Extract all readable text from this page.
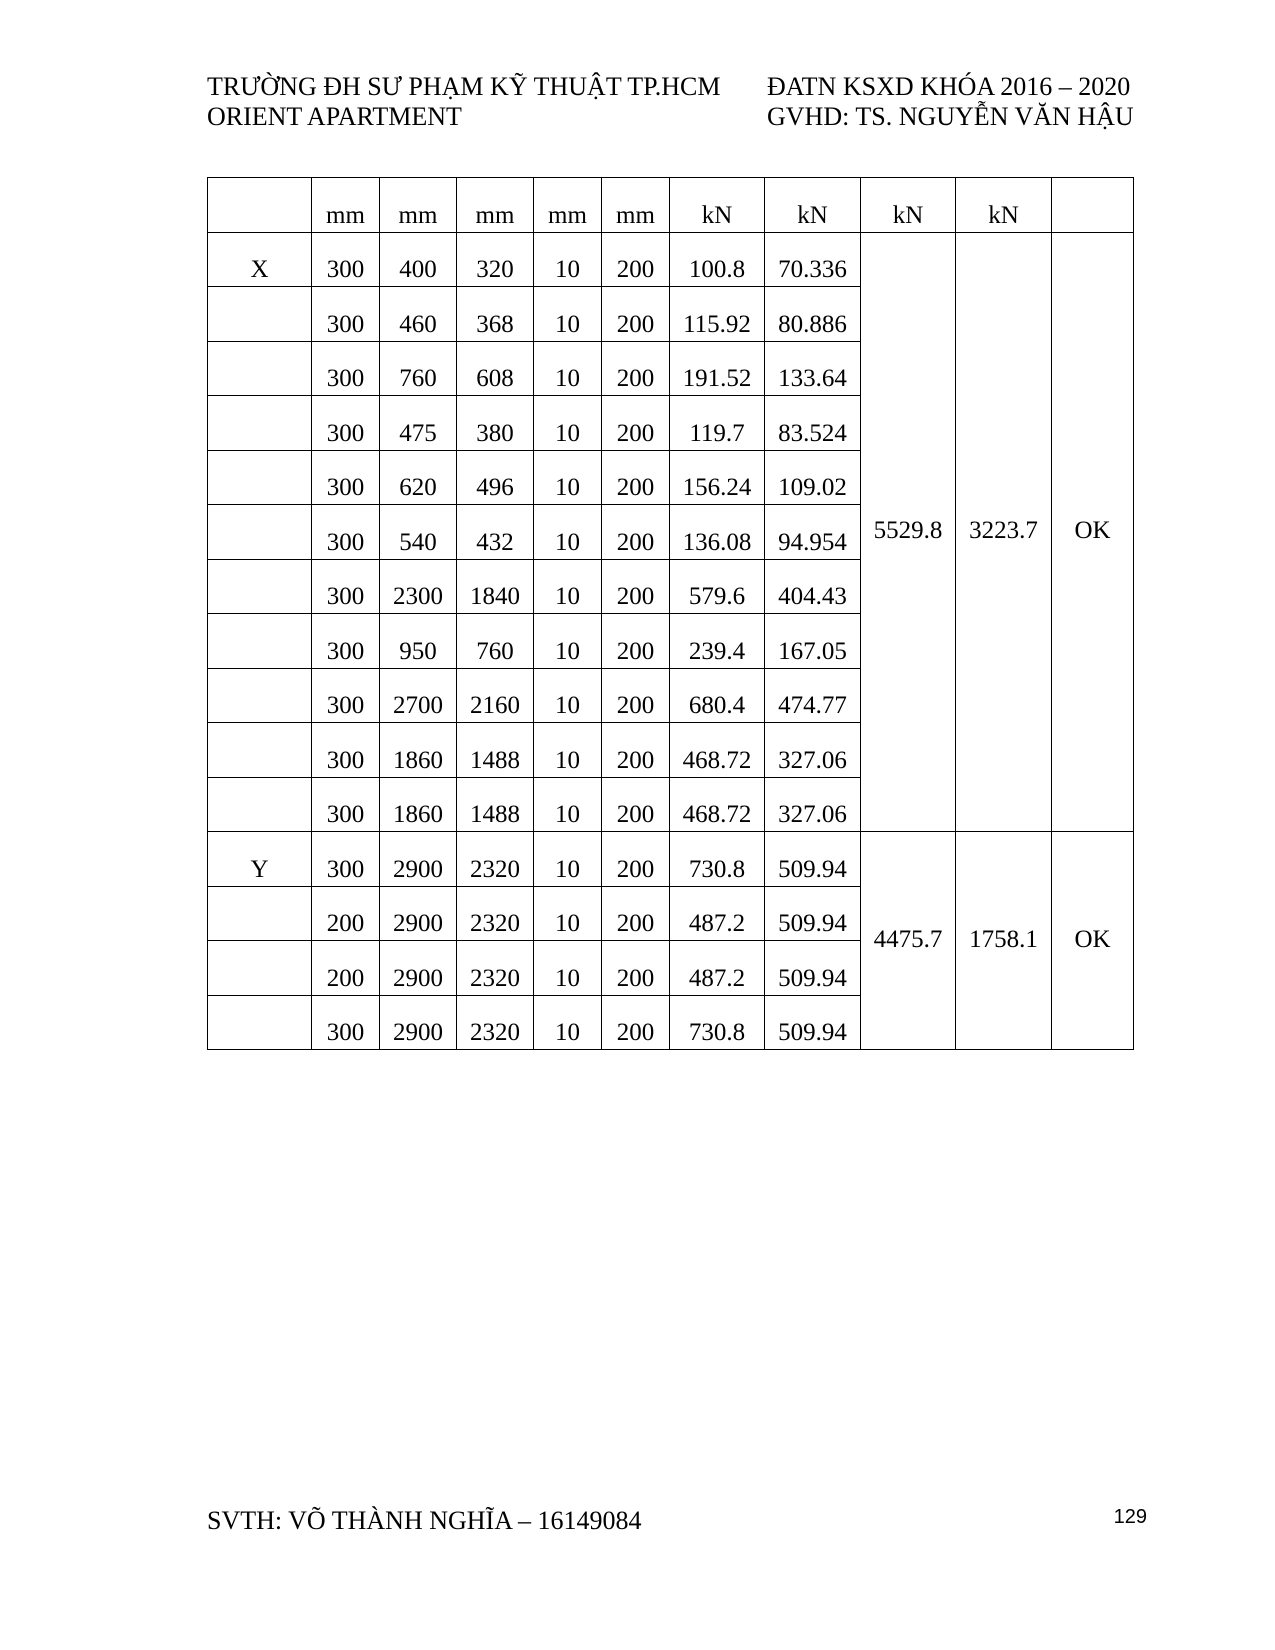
TRƯỜNG ĐH SƯ PHẠM KỸ THUẬT TP.HCM ĐATN KSXD KHÓA 2016 – 2020
ORIENT APARTMENT	GVHD: TS. NGUYỄN VĂN HẬU
	mm	mm	mm	mm	mm	kN	kN	kN	kN	
X	300	400	320	10	200	100.8	70.336	5529.8	3223.7	OK
	300	460	368	10	200	115.92	80.886			
	300	760	608	10	200	191.52	133.64			
	300	475	380	10	200	119.7	83.524			
	300	620	496	10	200	156.24	109.02			
	300	540	432	10	200	136.08	94.954			
	300	2300	1840	10	200	579.6	404.43			
	300	950	760	10	200	239.4	167.05			
	300	2700	2160	10	200	680.4	474.77			
	300	1860	1488	10	200	468.72	327.06			
	300	1860	1488	10	200	468.72	327.06			
Y	300	2900	2320	10	200	730.8	509.94	4475.7	1758.1	OK
	200	2900	2320	10	200	487.2	509.94			
	200	2900	2320	10	200	487.2	509.94			
	300	2900	2320	10	200	730.8	509.94			
SVTH: VÕ THÀNH NGHĨA – 16149084	129
